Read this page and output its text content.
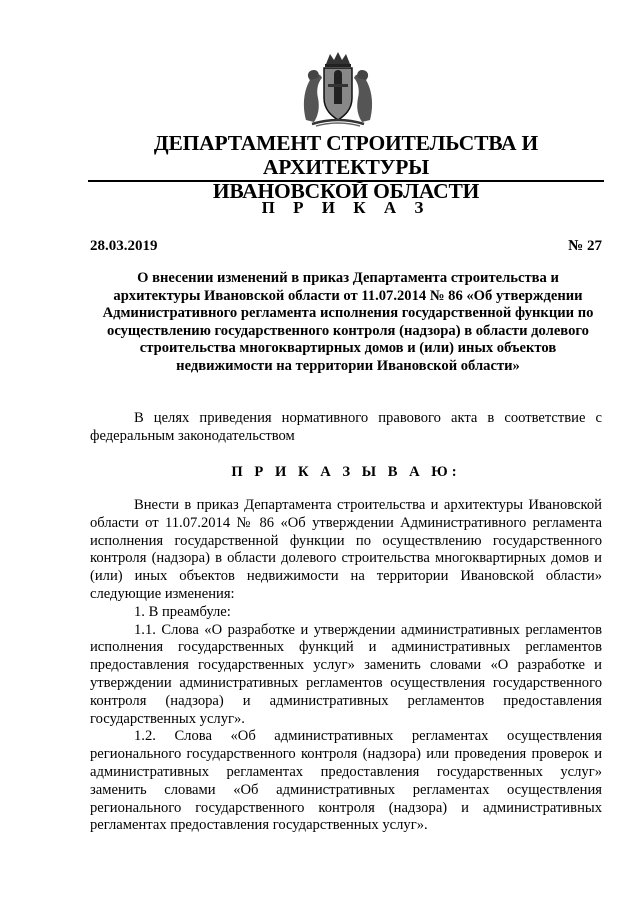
ДЕПАРТАМЕНТ СТРОИТЕЛЬСТВА И АРХИТЕКТУРЫ
ИВАНОВСКОЙ ОБЛАСТИ
П Р И К А З
28.03.2019	№ 27
О внесении изменений в приказ Департамента строительства и архитектуры Ивановской области от 11.07.2014 № 86 «Об утверждении Административного регламента исполнения государственной функции по осуществлению государственного контроля (надзора) в области долевого строительства многоквартирных домов и (или) иных объектов недвижимости на территории Ивановской области»
В целях приведения нормативного правового акта в соответствие с федеральным законодательством
П Р И К А З Ы В А Ю:

Внести в приказ Департамента строительства и архитектуры Ивановской области от 11.07.2014 № 86 «Об утверждении Административного регламента исполнения государственной функции по осуществлению государственного контроля (надзора) в области долевого строительства многоквартирных домов и (или) иных объектов недвижимости на территории Ивановской области» следующие изменения:

1. В преамбуле:

1.1. Слова «О разработке и утверждении административных регламентов исполнения государственных функций и административных регламентов предоставления государственных услуг» заменить словами «О разработке и утверждении административных регламентов осуществления государственного контроля (надзора) и административных регламентов предоставления государственных услуг».

1.2. Слова «Об административных регламентах осуществления регионального государственного контроля (надзора) или проведения проверок и административных регламентах предоставления государственных услуг» заменить словами «Об административных регламентах осуществления регионального государственного контроля (надзора) и административных регламентах предоставления государственных услуг».
